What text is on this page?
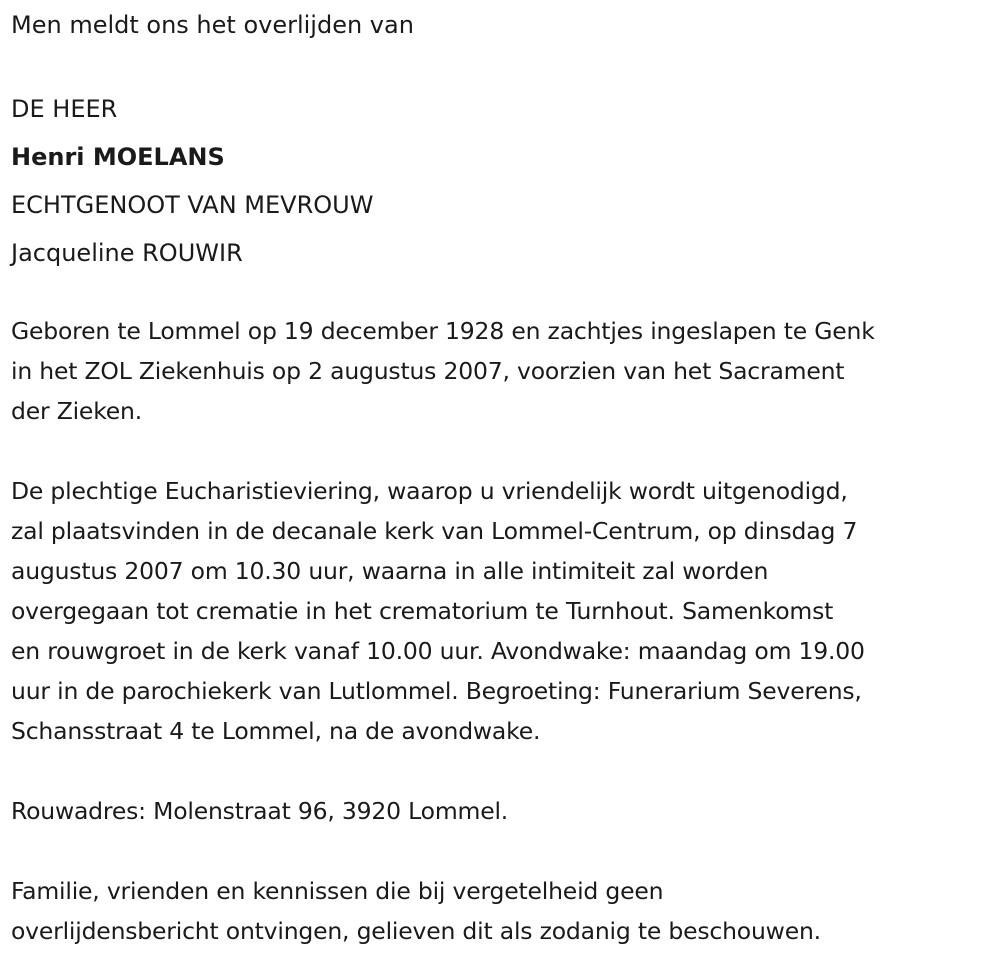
Men meldt ons het overlijden van

DE HEER

Henri MOELANS

ECHTGENOOT VAN MEVROUW

Jacqueline ROUWIR

Geboren te Lommel op 19 december 1928 en zachtjes ingeslapen te Genk

in het ZOL Ziekenhuis op 2 augustus 2007, voorzien van het Sacrament

der Zieken.

De plechtige Eucharistieviering, waarop u vriendelijk wordt uitgenodigd,

zal plaatsvinden in de decanale kerk van Lommel-Centrum, op dinsdag 7

augustus 2007 om 10.30 uur, waarna in alle intimiteit zal worden

overgegaan tot crematie in het crematorium te Turnhout. Samenkomst

en rouwgroet in de kerk vanaf 10.00 uur. Avondwake: maandag om 19.00

uur in de parochiekerk van Lutlommel. Begroeting: Funerarium Severens,

Schansstraat 4 te Lommel, na de avondwake.

Rouwadres: Molenstraat 96, 3920 Lommel.

Familie, vrienden en kennissen die bij vergetelheid geen

overlijdensbericht ontvingen, gelieven dit als zodanig te beschouwen.
